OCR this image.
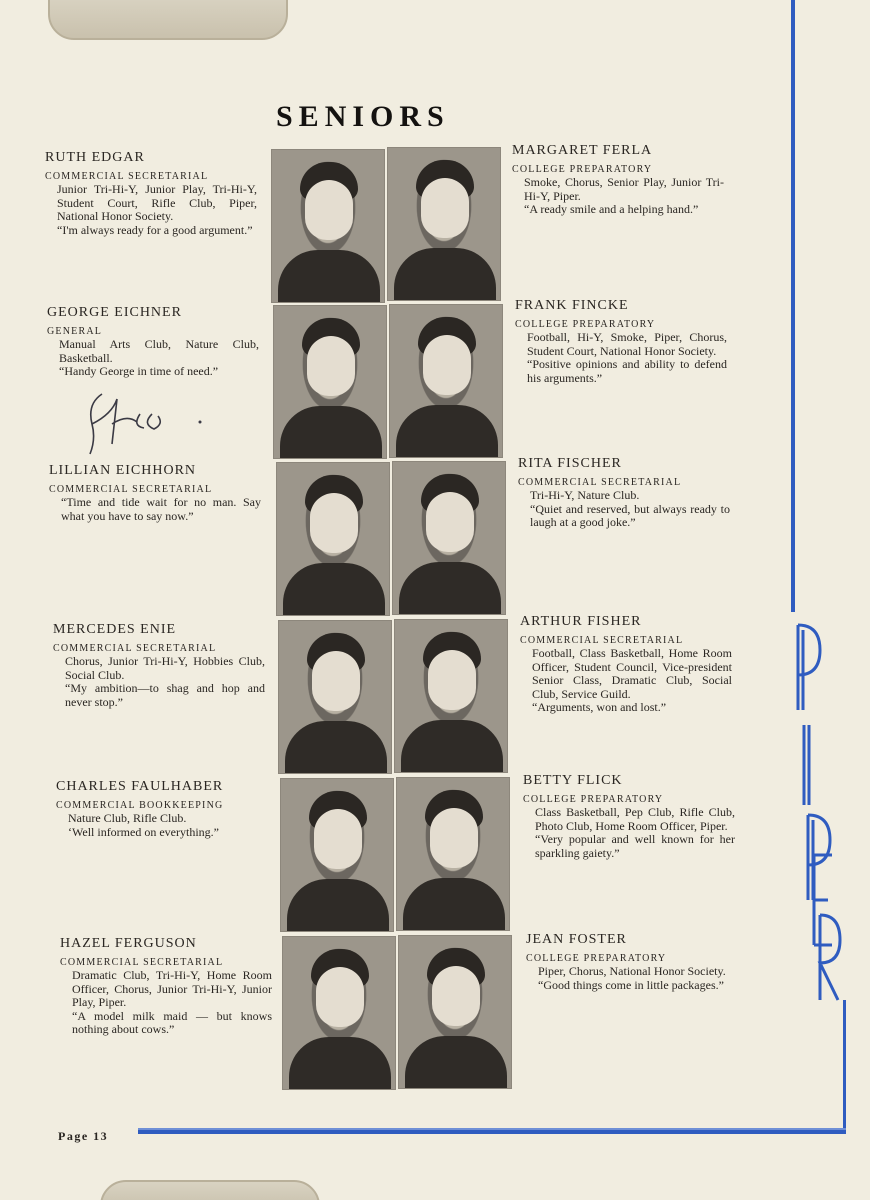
SENIORS
PIPER
RUTH EDGAR
COMMERCIAL SECRETARIAL
Junior Tri-Hi-Y, Junior Play, Tri-Hi-Y, Student Court, Rifle Club, Piper, National Honor Society.
“I'm always ready for a good argument.”
GEORGE EICHNER
GENERAL
Manual Arts Club, Nature Club, Basketball.
“Handy George in time of need.”
LILLIAN EICHHORN
COMMERCIAL SECRETARIAL
“Time and tide wait for no man. Say what you have to say now.”
MERCEDES ENIE
COMMERCIAL SECRETARIAL
Chorus, Junior Tri-Hi-Y, Hobbies Club, Social Club.
“My ambition—to shag and hop and never stop.”
CHARLES FAULHABER
COMMERCIAL BOOKKEEPING
Nature Club, Rifle Club.
‘Well informed on everything.”
HAZEL FERGUSON
COMMERCIAL SECRETARIAL
Dramatic Club, Tri-Hi-Y, Home Room Officer, Chorus, Junior Tri-Hi-Y, Junior Play, Piper.
“A model milk maid — but knows nothing about cows.”
MARGARET FERLA
COLLEGE PREPARATORY
Smoke, Chorus, Senior Play, Junior Tri-Hi-Y, Piper.
“A ready smile and a helping hand.”
FRANK FINCKE
COLLEGE PREPARATORY
Football, Hi-Y, Smoke, Piper, Chorus, Student Court, National Honor Society.
“Positive opinions and ability to defend his arguments.”
RITA FISCHER
COMMERCIAL SECRETARIAL
Tri-Hi-Y, Nature Club.
“Quiet and reserved, but always ready to laugh at a good joke.”
ARTHUR FISHER
COMMERCIAL SECRETARIAL
Football, Class Basketball, Home Room Officer, Student Council, Vice-president Senior Class, Dramatic Club, Social Club, Service Guild.
“Arguments, won and lost.”
BETTY FLICK
COLLEGE PREPARATORY
Class Basketball, Pep Club, Rifle Club, Photo Club, Home Room Officer, Piper.
“Very popular and well known for her sparkling gaiety.”
JEAN FOSTER
COLLEGE PREPARATORY
Piper, Chorus, National Honor Society.
“Good things come in little packages.”
Page 13
